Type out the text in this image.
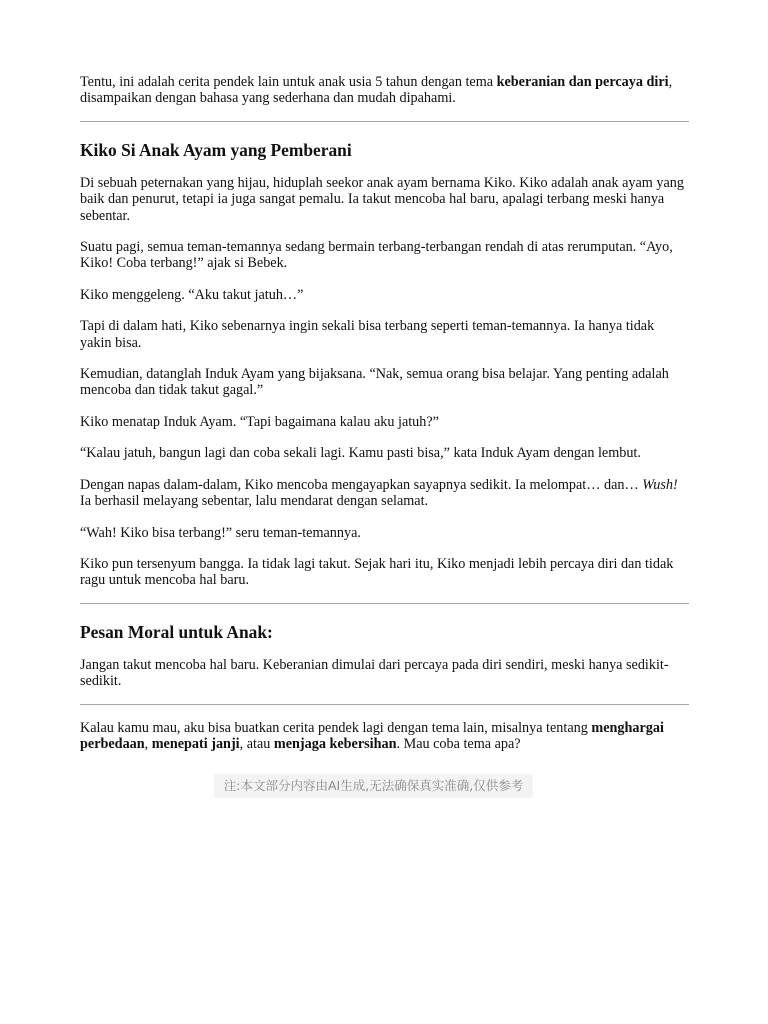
Tentu, ini adalah cerita pendek lain untuk anak usia 5 tahun dengan tema keberanian dan percaya diri, disampaikan dengan bahasa yang sederhana dan mudah dipahami.

Kiko Si Anak Ayam yang Pemberani

Di sebuah peternakan yang hijau, hiduplah seekor anak ayam bernama Kiko. Kiko adalah anak ayam yang baik dan penurut, tetapi ia juga sangat pemalu. Ia takut mencoba hal baru, apalagi terbang meski hanya sebentar.

Suatu pagi, semua teman-temannya sedang bermain terbang-terbangan rendah di atas rerumputan. “Ayo, Kiko! Coba terbang!” ajak si Bebek.

Kiko menggeleng. “Aku takut jatuh…”

Tapi di dalam hati, Kiko sebenarnya ingin sekali bisa terbang seperti teman-temannya. Ia hanya tidak yakin bisa.

Kemudian, datanglah Induk Ayam yang bijaksana. “Nak, semua orang bisa belajar. Yang penting adalah mencoba dan tidak takut gagal.”

Kiko menatap Induk Ayam. “Tapi bagaimana kalau aku jatuh?”

“Kalau jatuh, bangun lagi dan coba sekali lagi. Kamu pasti bisa,” kata Induk Ayam dengan lembut.

Dengan napas dalam-dalam, Kiko mencoba mengayapkan sayapnya sedikit. Ia melompat… dan… Wush! Ia berhasil melayang sebentar, lalu mendarat dengan selamat.

“Wah! Kiko bisa terbang!” seru teman-temannya.

Kiko pun tersenyum bangga. Ia tidak lagi takut. Sejak hari itu, Kiko menjadi lebih percaya diri dan tidak ragu untuk mencoba hal baru.

Pesan Moral untuk Anak:

Jangan takut mencoba hal baru. Keberanian dimulai dari percaya pada diri sendiri, meski hanya sedikit-sedikit.

Kalau kamu mau, aku bisa buatkan cerita pendek lagi dengan tema lain, misalnya tentang menghargai perbedaan, menepati janji, atau menjaga kebersihan. Mau coba tema apa?

注:本文部分内容由AI生成,无法确保真实准确,仅供参考
